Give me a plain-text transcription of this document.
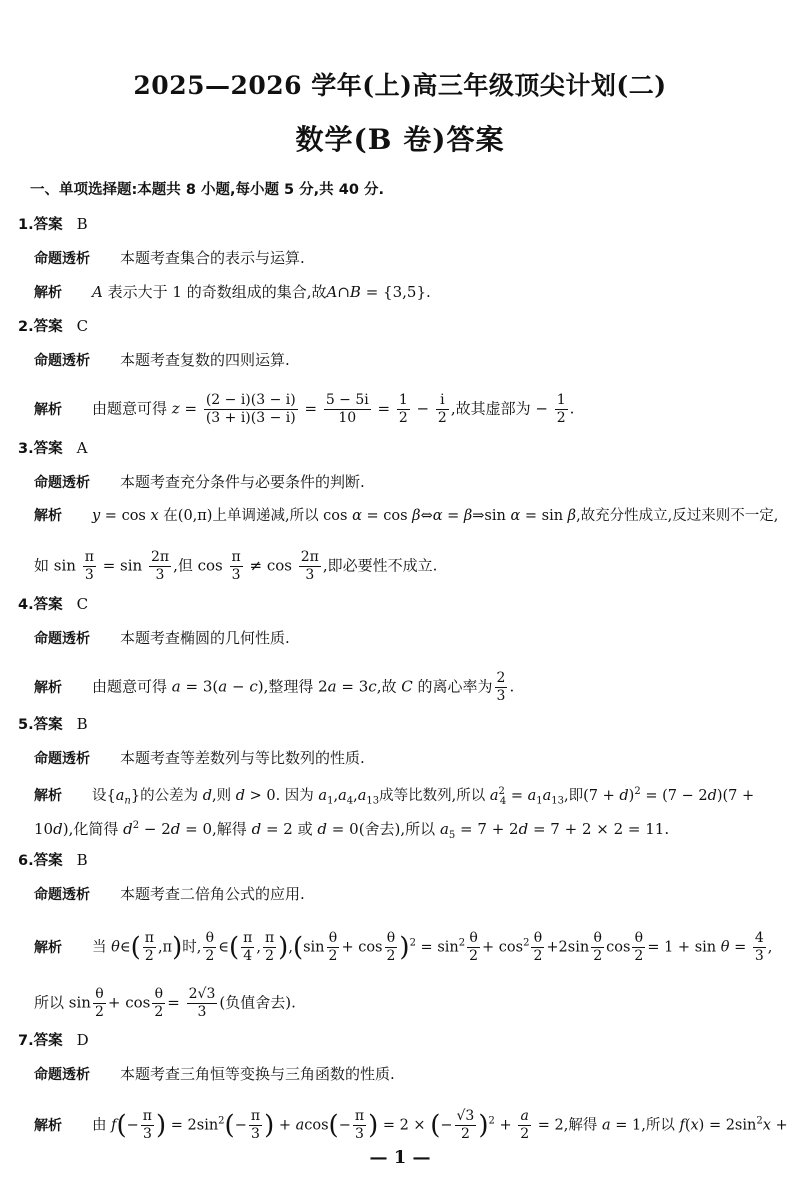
2025—2026 学年(上)高三年级顶尖计划(二)
数学(B 卷)答案
一、单项选择题:本题共 8 小题,每小题 5 分,共 40 分.
1.答案 B
命题透析 本题考查集合的表示与运算.
解析 A 表示大于 1 的奇数组成的集合,故A∩B = {3,5}.
2.答案 C
命题透析 本题考查复数的四则运算.
解析 由题意可得 $z = \frac{(2 - i)(3 - i)}{(3 + i)(3 - i)} = \frac{5 - 5i}{10} = \frac{1}{2} - \frac{i}{2}$ ,故其虚部为 − $\frac{1}{2}$ .
3.答案 A
命题透析 本题考查充分条件与必要条件的判断.
解析 y = cos x 在(0,π)上单调递减,所以 cos α = cos β⇔α = β⇒sin α = sin β,故充分性成立,反过来则不一定,
如 $\sin \frac{\pi}{3} = \sin \frac{2\pi}{3}$ ,但 $\cos \frac{\pi}{3} \ne \cos \frac{2\pi}{3}$ ,即必要性不成立.
4.答案 C
命题透析 本题考查椭圆的几何性质.
解析 由题意可得 a = 3(a − c),整理得 2a = 3c,故 C 的离心率为 $\frac{2}{3}$ .
5.答案 B
命题透析 本题考查等差数列与等比数列的性质.
解析 设$\{a_n\}$的公差为 d,则 d > 0. 因为 $a_1,a_4,a_{13}$成等比数列,所以 $a^2_4 = a_1a_{13}$,即$(7 + d)^2 = (7 - 2d)(7$ +
10d),化简得 $d^2 - 2d = 0$,解得 d = 2 或 d = 0(舍去),所以 $a_5 = 7 + 2d = 7 + 2 \times 2 = 11$.
6.答案 B
命题透析 本题考查二倍角公式的应用.
解析 当 θ∈( $\frac{\pi}{2} ,\pi$)时, $\frac{\theta}{2}$ ∈( $\frac{\pi}{4}$ , $\frac{\pi}{2} ),(\sin \frac{\theta}{2} + \cos \frac{\theta}{2} )^2 = \sin^2 \frac{\theta}{2} + \cos^2 \frac{\theta}{2} +2\sin \frac{\theta}{2}$ $\cos \frac{\theta}{2} = 1 + \sin \theta = \frac{4}{3}$ ,
所以 $\sin \frac{\theta}{2} + \cos \frac{\theta}{2} = \frac{2√3}{3}$ (负值舍去).
7.答案 D
命题透析 本题考查三角恒等变换与三角函数的性质.
解析 由 $f(- \frac{\pi}{3}$ ) = $2\sin^2(- \frac{\pi}{3}$ ) + $acos(- \frac{\pi}{3}$ ) = 2 × (− $\frac{√3}{2} )^2 + \frac{a}{2} = 2$,解得 a = 1,所以 $f(x) = 2\sin^2x$ +
— 1 —
